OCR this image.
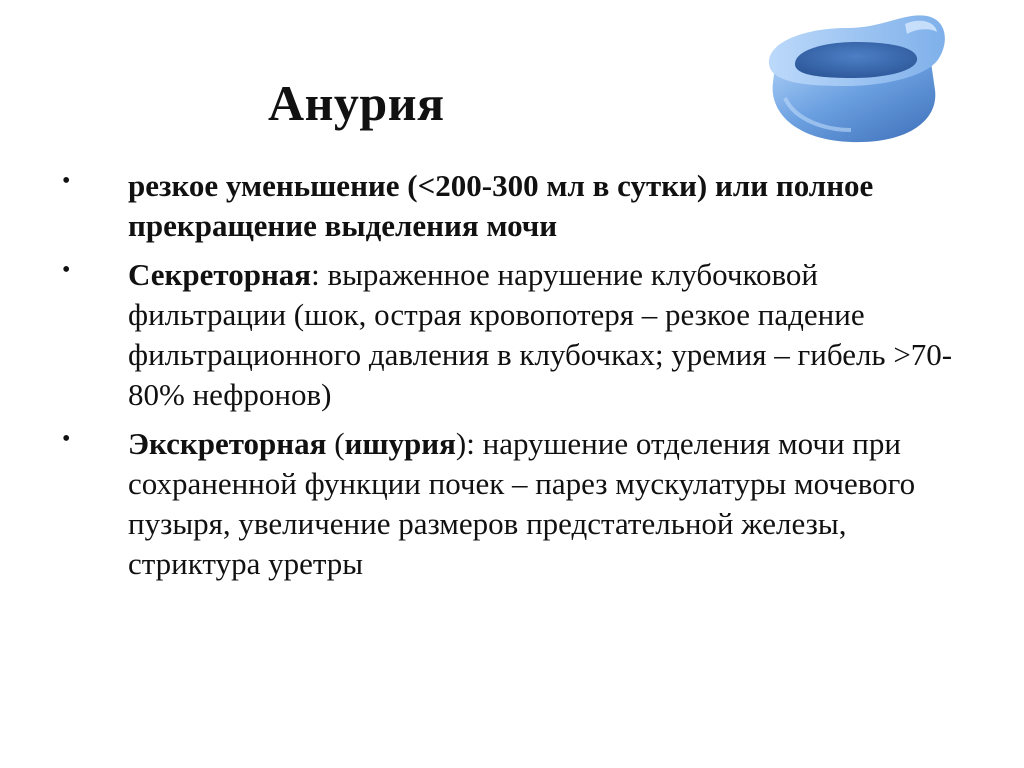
Анурия
• резкое уменьшение (<200-300 мл в сутки) или полное прекращение выделения мочи
• Секреторная: выраженное нарушение клубочковой фильтрации (шок, острая кровопотеря – резкое падение фильтрационного давления в клубочках; уремия – гибель >70-80% нефронов)
• Экскреторная (ишурия): нарушение отделения мочи при сохраненной функции почек – парез мускулатуры мочевого пузыря, увеличение размеров предстательной железы, стриктура уретры
